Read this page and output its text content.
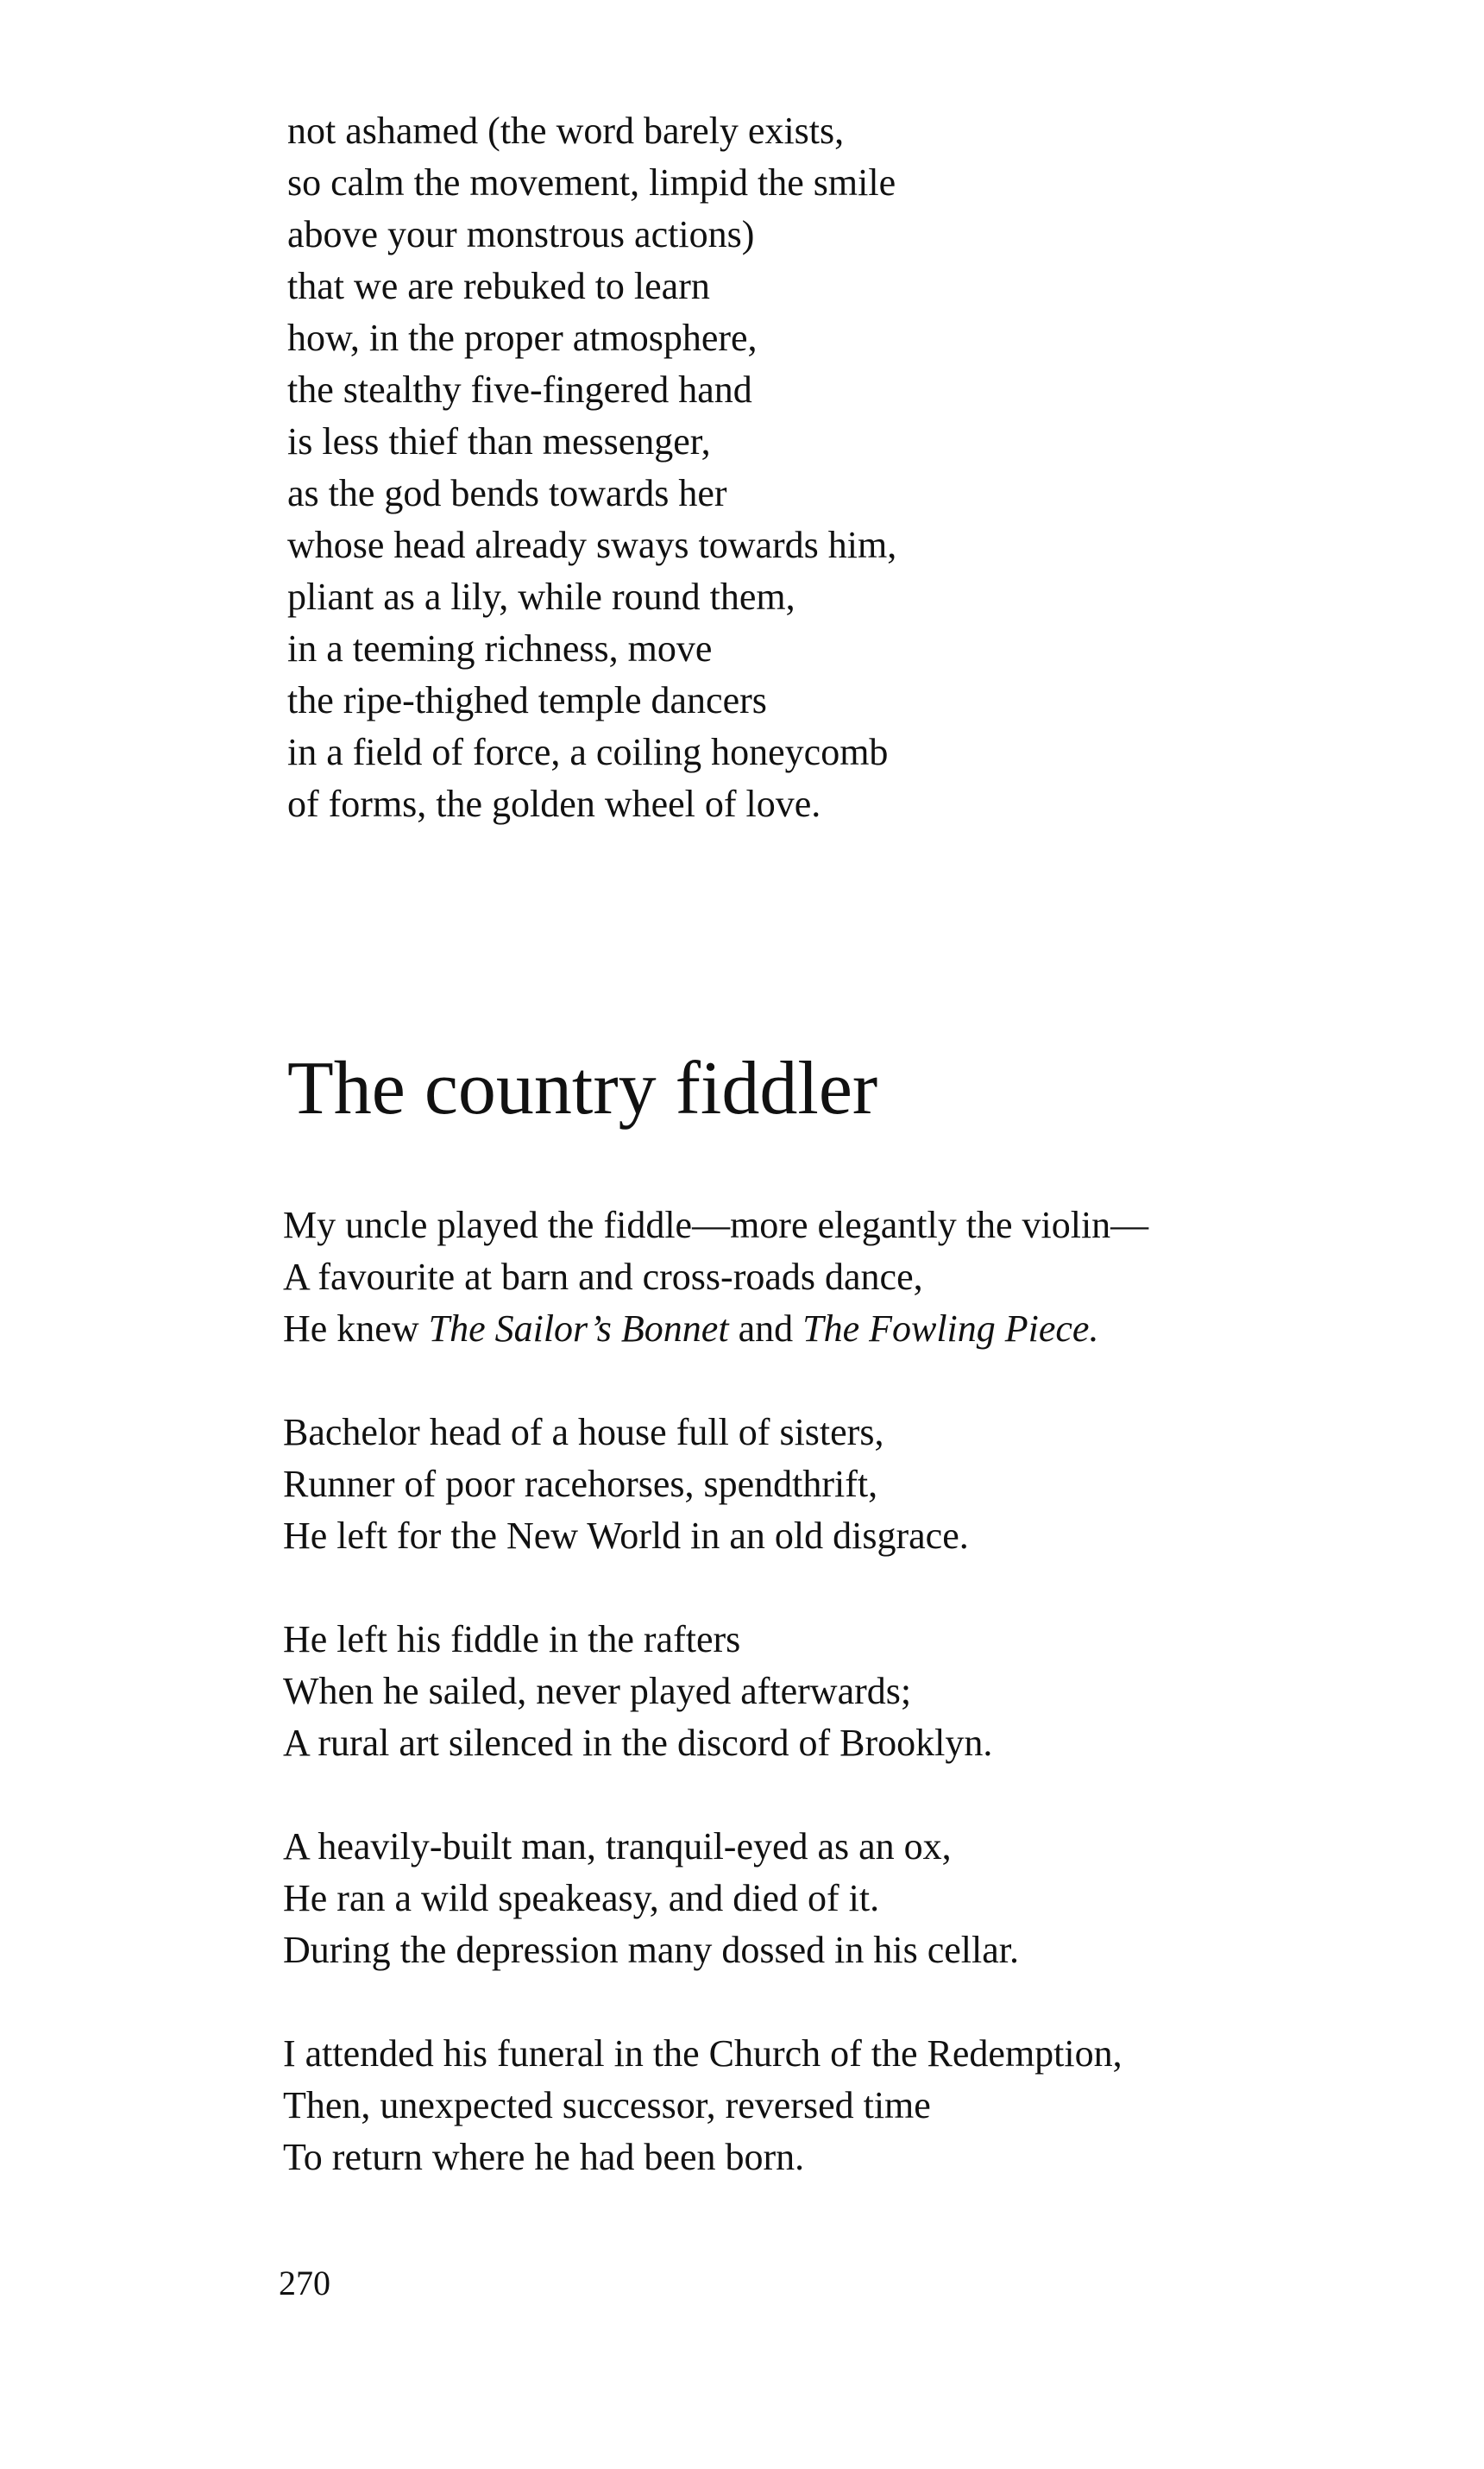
not ashamed (the word barely exists,
so calm the movement, limpid the smile
above your monstrous actions)
that we are rebuked to learn
how, in the proper atmosphere,
the stealthy five-fingered hand
is less thief than messenger,
as the god bends towards her
whose head already sways towards him,
pliant as a lily, while round them,
in a teeming richness, move
the ripe-thighed temple dancers
in a field of force, a coiling honeycomb
of forms, the golden wheel of love.
The country fiddler
My uncle played the fiddle—more elegantly the violin—
A favourite at barn and cross-roads dance,
He knew The Sailor’s Bonnet and The Fowling Piece.
Bachelor head of a house full of sisters,
Runner of poor racehorses, spendthrift,
He left for the New World in an old disgrace.
He left his fiddle in the rafters
When he sailed, never played afterwards;
A rural art silenced in the discord of Brooklyn.
A heavily-built man, tranquil-eyed as an ox,
He ran a wild speakeasy, and died of it.
During the depression many dossed in his cellar.
I attended his funeral in the Church of the Redemption,
Then, unexpected successor, reversed time
To return where he had been born.
270
